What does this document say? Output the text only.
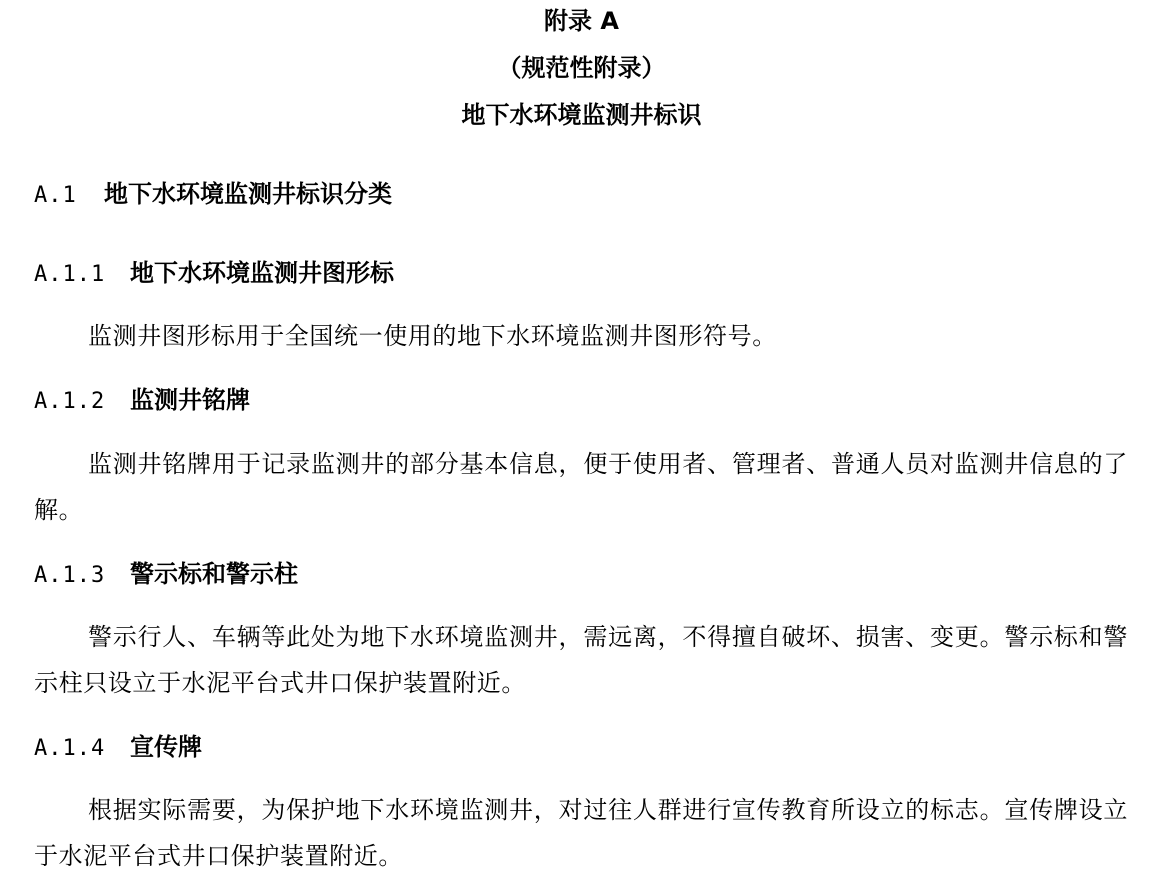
附录 A
（规范性附录）
地下水环境监测井标识
A.1 地下水环境监测井标识分类
A.1.1 地下水环境监测井图形标
监测井图形标用于全国统一使用的地下水环境监测井图形符号。
A.1.2 监测井铭牌
监测井铭牌用于记录监测井的部分基本信息，便于使用者、管理者、普通人员对监测井信息的了解。
A.1.3 警示标和警示柱
警示行人、车辆等此处为地下水环境监测井，需远离，不得擅自破坏、损害、变更。警示标和警示柱只设立于水泥平台式井口保护装置附近。
A.1.4 宣传牌
根据实际需要，为保护地下水环境监测井，对过往人群进行宣传教育所设立的标志。宣传牌设立于水泥平台式井口保护装置附近。
